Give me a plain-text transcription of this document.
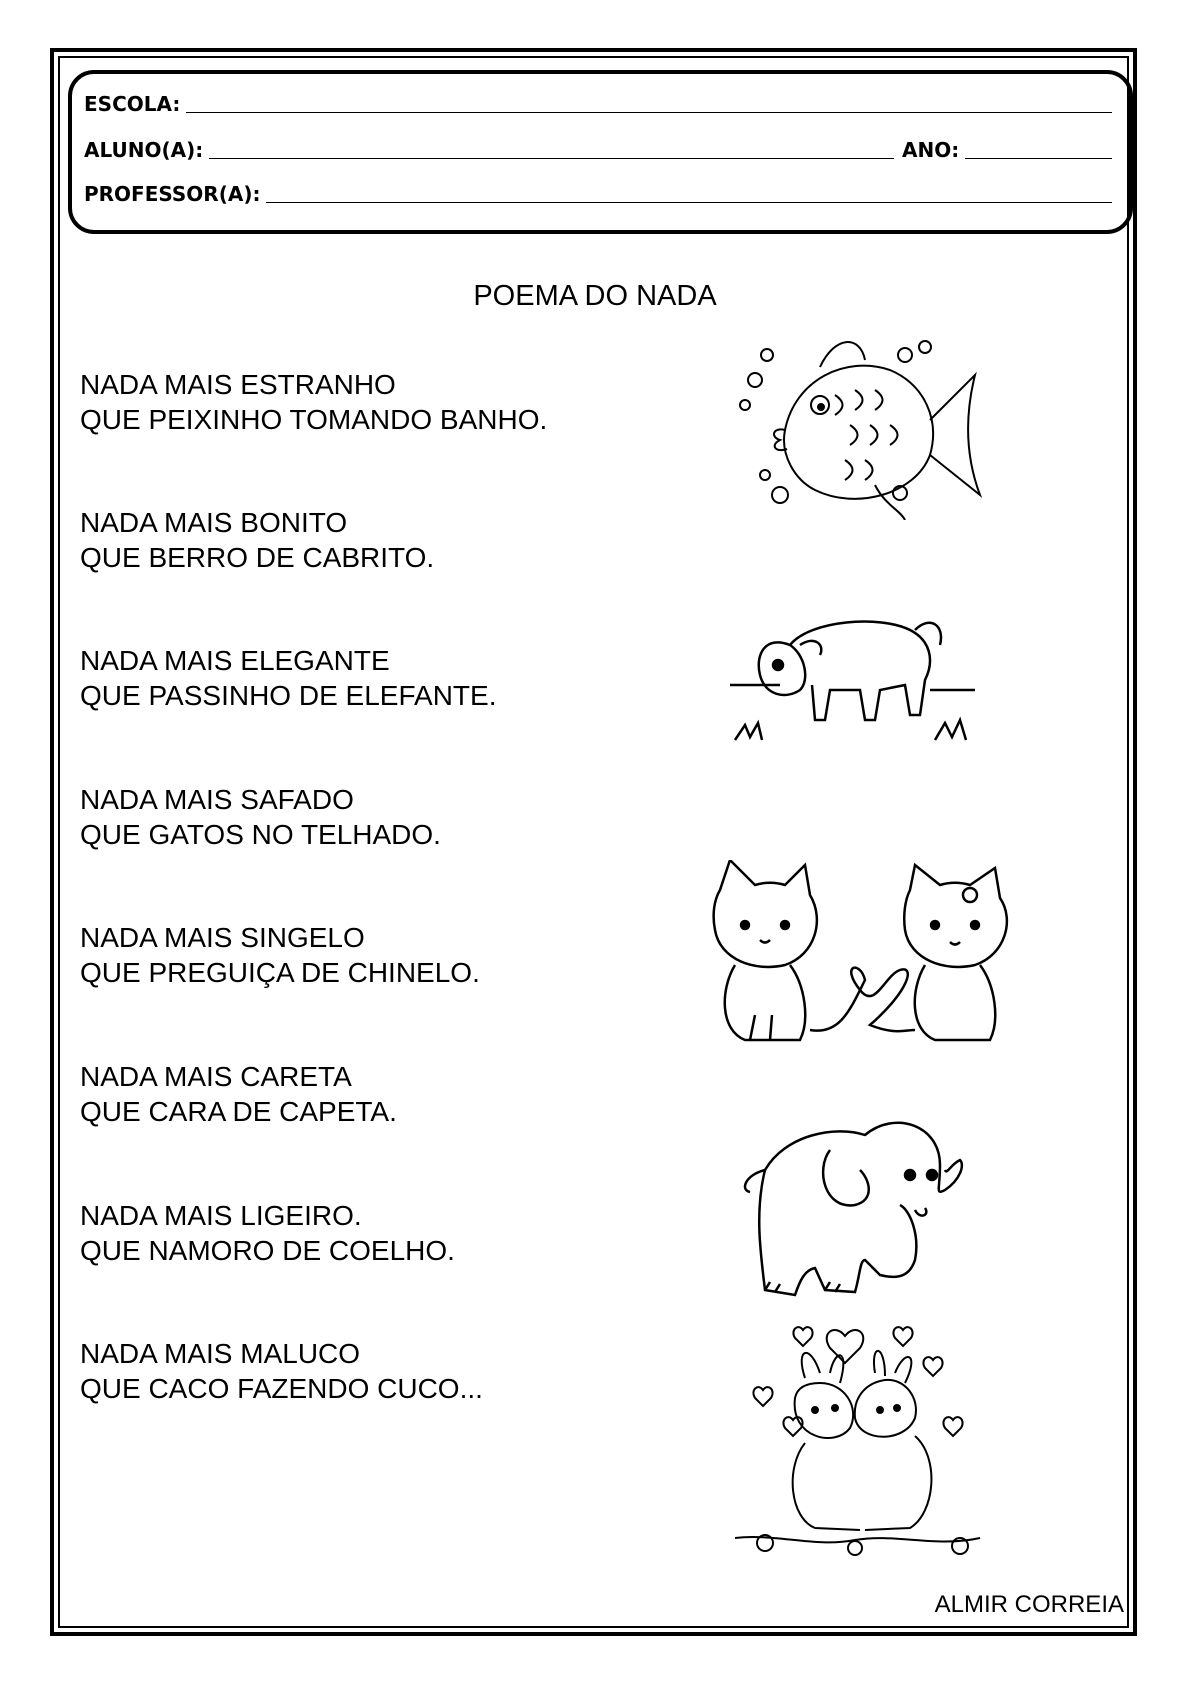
ESCOLA:
ALUNO(A):	ANO:
PROFESSOR(A):
POEMA DO NADA
NADA MAIS ESTRANHO
QUE PEIXINHO TOMANDO BANHO.
NADA MAIS BONITO
QUE BERRO DE CABRITO.
NADA MAIS ELEGANTE
QUE PASSINHO DE ELEFANTE.
NADA MAIS SAFADO
QUE GATOS NO TELHADO.
NADA MAIS SINGELO
QUE PREGUIÇA DE CHINELO.
NADA MAIS CARETA
QUE CARA DE CAPETA.
NADA MAIS LIGEIRO.
QUE NAMORO DE COELHO.
NADA MAIS MALUCO
QUE CACO FAZENDO CUCO...
ALMIR CORREIA
